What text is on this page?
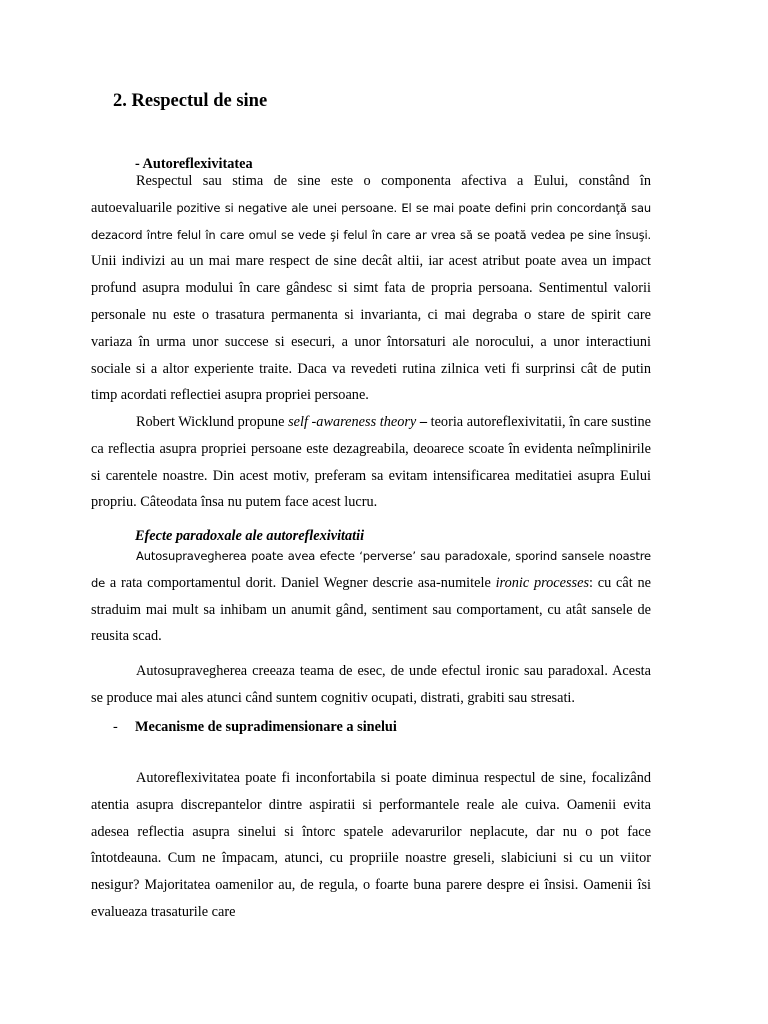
2. Respectul de sine
- Autoreflexivitatea

Respectul sau stima de sine este o componenta afectiva a Eului, constând în autoevaluarile pozitive si negative ale unei persoane. El se mai poate defini prin concordanţă sau dezacord între felul în care omul se vede şi felul în care ar vrea să se poată vedea pe sine însuşi. Unii indivizi au un mai mare respect de sine decât altii, iar acest atribut poate avea un impact profund asupra modului în care gândesc si simt fata de propria persoana. Sentimentul valorii personale nu este o trasatura permanenta si invarianta, ci mai degraba o stare de spirit care variaza în urma unor succese si esecuri, a unor întorsaturi ale norocului, a unor interactiuni sociale si a altor experiente traite. Daca va revedeti rutina zilnica veti fi surprinsi cât de putin timp acordati reflectiei asupra propriei persoane.

Robert Wicklund propune self -awareness theory – teoria autoreflexivitatii, în care sustine ca reflectia asupra propriei persoane este dezagreabila, deoarece scoate în evidenta neîmplinirile si carentele noastre. Din acest motiv, preferam sa evitam intensificarea meditatiei asupra Eului propriu. Câteodata însa nu putem face acest lucru.

Efecte paradoxale ale autoreflexivitatii

Autosupravegherea poate avea efecte ‘perverse’ sau paradoxale, sporind sansele noastre de a rata comportamentul dorit. Daniel Wegner descrie asa-numitele ironic processes: cu cât ne straduim mai mult sa inhibam un anumit gând, sentiment sau comportament, cu atât sansele de reusita scad.

Autosupravegherea creeaza teama de esec, de unde efectul ironic sau paradoxal. Acesta se produce mai ales atunci când suntem cognitiv ocupati, distrati, grabiti sau stresati.

- Mecanisme de supradimensionare a sinelui

Autoreflexivitatea poate fi inconfortabila si poate diminua respectul de sine, focalizând atentia asupra discrepantelor dintre aspiratii si performantele reale ale cuiva. Oamenii evita adesea reflectia asupra sinelui si întorc spatele adevarurilor neplacute, dar nu o pot face întotdeauna. Cum ne împacam, atunci, cu propriile noastre greseli, slabiciuni si cu un viitor nesigur? Majoritatea oamenilor au, de regula, o foarte buna parere despre ei însisi. Oamenii îsi evalueaza trasaturile care
